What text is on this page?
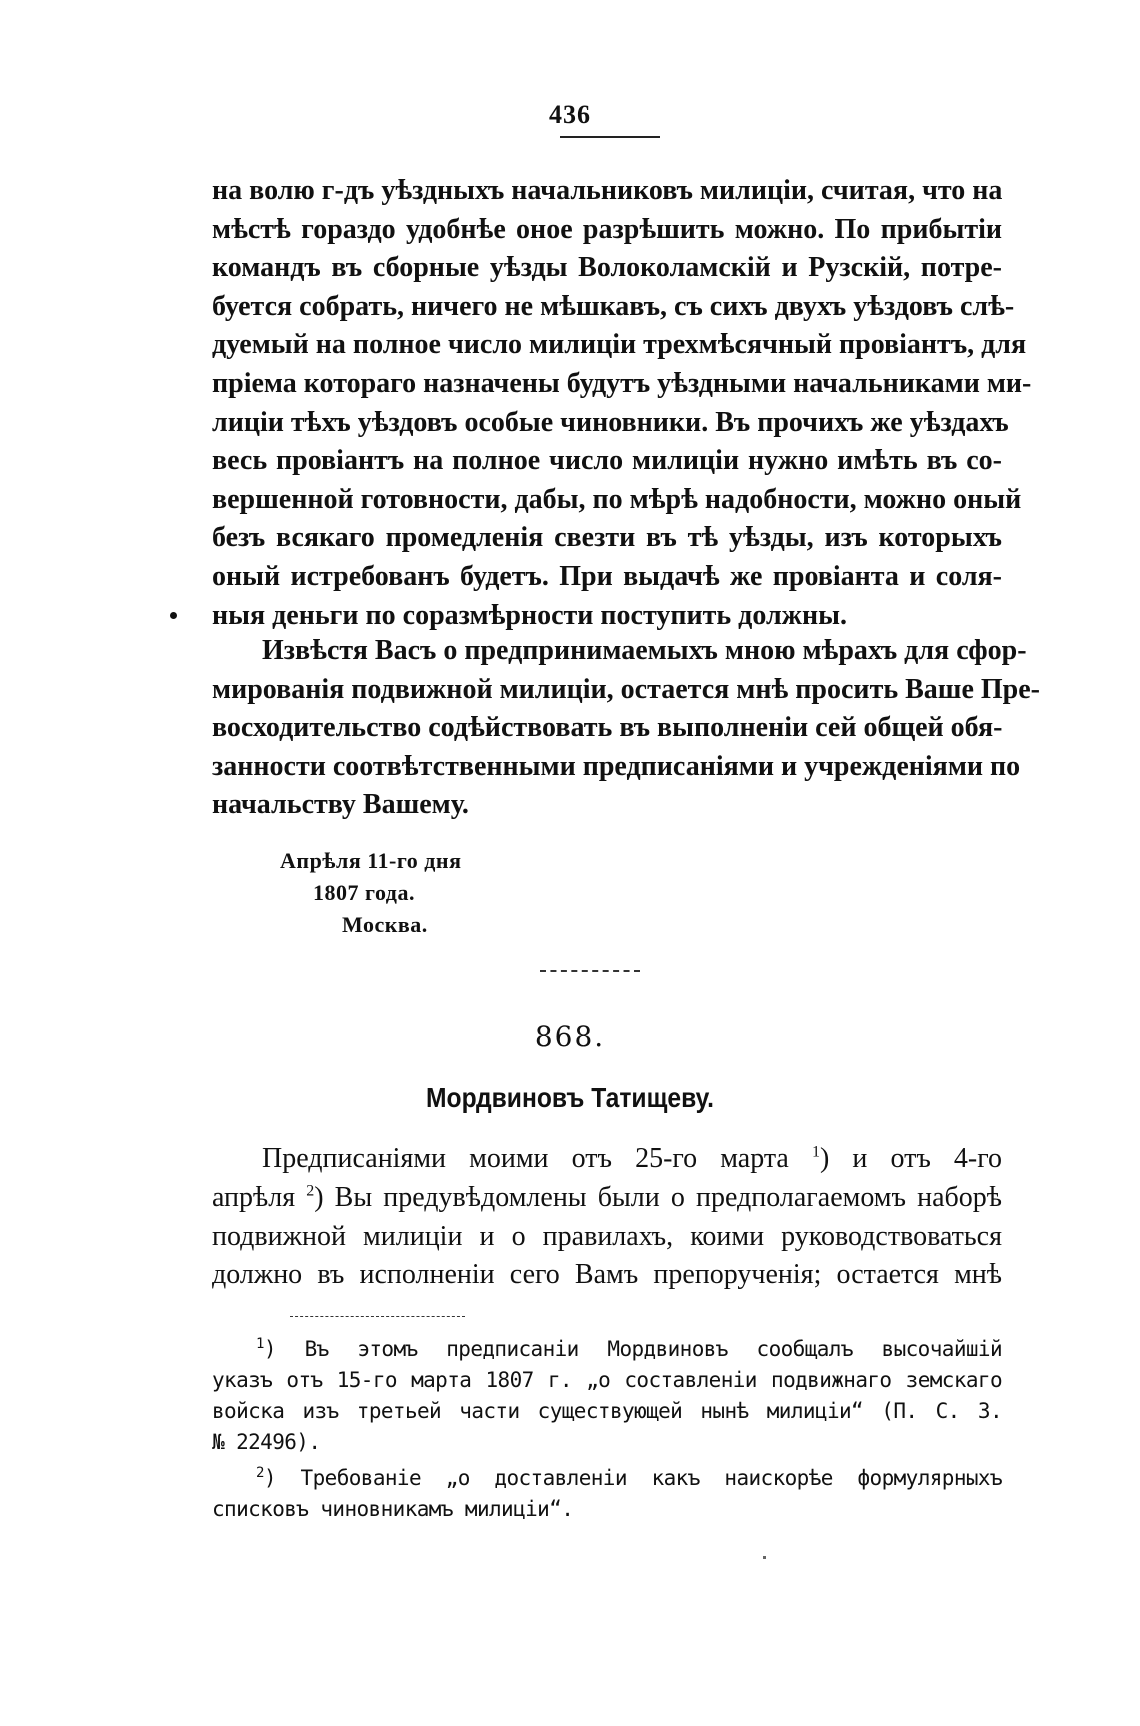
436
на волю г-дъ уѣздныхъ начальниковъ милиціи, считая, что на
мѣстѣ гораздо удобнѣе оное разрѣшить можно. По прибытіи
командъ въ сборные уѣзды Волоколамскій и Рузскій, потре-
буется собрать, ничего не мѣшкавъ, съ сихъ двухъ уѣздовъ слѣ-
дуемый на полное число милиціи трехмѣсячный провіантъ, для
пріема котораго назначены будутъ уѣздными начальниками ми-
лиціи тѣхъ уѣздовъ особые чиновники. Въ прочихъ же уѣздахъ
весь провіантъ на полное число милиціи нужно имѣть въ со-
вершенной готовности, дабы, по мѣрѣ надобности, можно оный
безъ всякаго промедленія свезти въ тѣ уѣзды, изъ которыхъ
оный истребованъ будетъ. При выдачѣ же провіанта и соля-
ныя деньги по соразмѣрности поступить должны.
Извѣстя Васъ о предпринимаемыхъ мною мѣрахъ для сфор-
мированія подвижной милиціи, остается мнѣ просить Ваше Пре-
восходительство содѣйствовать въ выполненіи сей общей обя-
занности соотвѣтственными предписаніями и учрежденіями по
начальству Вашему.
Апрѣля 11-го дня
1807 года.
Москва.
868.
Мордвиновъ Татищеву.
Предписаніями моими отъ 25-го марта $^1$) и отъ 4-го
апрѣля $^2$) Вы предувѣдомлены были о предполагаемомъ наборѣ
подвижной милиціи и о правилахъ, коими руководствоваться
должно въ исполненіи сего Вамъ препорученія; остается мнѣ
$^1$) Въ этомъ предписаніи Мордвиновъ сообщалъ высочайшій
указъ отъ 15-го марта 1807 г. „о составленіи подвижнаго земскаго
войска изъ третьей части существующей нынѣ милиціи“ (П. С. З.
№ 22496).
$^2$) Требованіе „о доставленіи какъ наискорѣе формулярныхъ
списковъ чиновникамъ милиціи“.
